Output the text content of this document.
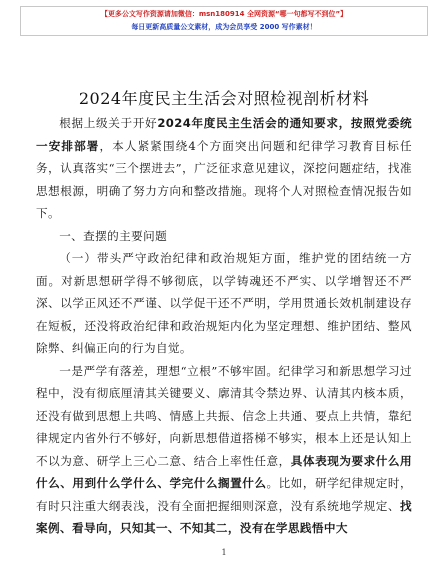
【更多公文写作资源请加微信：msn180914 全网资源“哪一句都写不到位”】
每日更新高质量公文素材，成为会员享受 2000 写作素材！
2024年度民主生活会对照检视剖析材料

根据上级关于开好2024年度民主生活会的通知要求，按照党委统一安排部署，本人紧紧围绕4个方面突出问题和纪律学习教育目标任务，认真落实“三个摆进去”，广泛征求意见建议，深挖问题症结，找准思想根源，明确了努力方向和整改措施。现将个人对照检查情况报告如下。

一、查摆的主要问题

（一）带头严守政治纪律和政治规矩方面，维护党的团结统一方面。对新思想研学得不够彻底，以学铸魂还不严实、以学增智还不严深、以学正风还不严谨、以学促干还不严明，学用贯通长效机制建设存在短板，还没将政治纪律和政治规矩内化为坚定理想、维护团结、整风除弊、纠偏正向的行为自觉。

一是严学有落差，理想“立根”不够牢固。纪律学习和新思想学习过程中，没有彻底厘清其关键要义、廓清其令禁边界、认清其内核本质，还没有做到思想上共鸣、情感上共振、信念上共通、要点上共情，靠纪律规定内省外行不够好，向新思想借道搭梯不够实，根本上还是认知上不以为意、研学上三心二意、结合上率性任意，具体表现为要求什么用什么、用到什么学什么、学完什么搁置什么。比如，研学纪律规定时，有时只注重大纲表浅，没有全面把握细则深意，没有系统地学规定、找案例、看导向，只知其一、不知其二，没有在学思践悟中大

1
